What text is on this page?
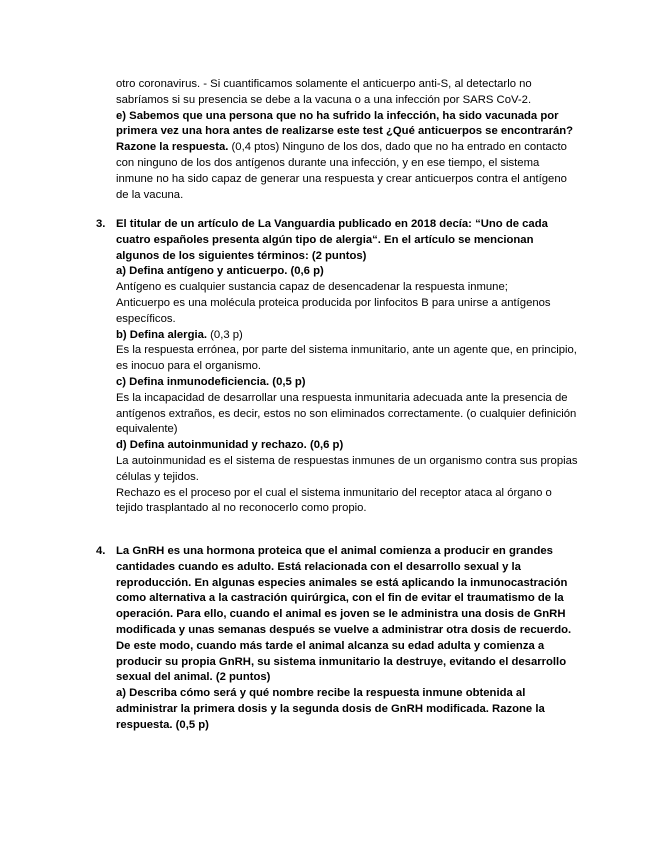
otro coronavirus. - Si cuantificamos solamente el anticuerpo anti-S, al detectarlo no sabríamos si su presencia se debe a la vacuna o a una infección por SARS CoV-2.

e) Sabemos que una persona que no ha sufrido la infección, ha sido vacunada por primera vez una hora antes de realizarse este test ¿Qué anticuerpos se encontrarán? Razone la respuesta. (0,4 ptos) Ninguno de los dos, dado que no ha entrado en contacto con ninguno de los dos antígenos durante una infección, y en ese tiempo, el sistema inmune no ha sido capaz de generar una respuesta y crear anticuerpos contra el antígeno de la vacuna.

3. El titular de un artículo de La Vanguardia publicado en 2018 decía: “Uno de cada cuatro españoles presenta algún tipo de alergia“. En el artículo se mencionan algunos de los siguientes términos: (2 puntos)

a) Defina antígeno y anticuerpo. (0,6 p)

Antígeno es cualquier sustancia capaz de desencadenar la respuesta inmune;

Anticuerpo es una molécula proteica producida por linfocitos B para unirse a antígenos específicos.

b) Defina alergia. (0,3 p)

Es la respuesta errónea, por parte del sistema inmunitario, ante un agente que, en principio, es inocuo para el organismo.

c) Defina inmunodeficiencia. (0,5 p)

Es la incapacidad de desarrollar una respuesta inmunitaria adecuada ante la presencia de antígenos extraños, es decir, estos no son eliminados correctamente. (o cualquier definición equivalente)

d) Defina autoinmunidad y rechazo. (0,6 p)

La autoinmunidad es el sistema de respuestas inmunes de un organismo contra sus propias células y tejidos.

Rechazo es el proceso por el cual el sistema inmunitario del receptor ataca al órgano o tejido trasplantado al no reconocerlo como propio.

4. La GnRH es una hormona proteica que el animal comienza a producir en grandes cantidades cuando es adulto. Está relacionada con el desarrollo sexual y la reproducción. En algunas especies animales se está aplicando la inmunocastración como alternativa a la castración quirúrgica, con el fin de evitar el traumatismo de la operación. Para ello, cuando el animal es joven se le administra una dosis de GnRH

modificada y unas semanas después se vuelve a administrar otra dosis de recuerdo. De este modo, cuando más tarde el animal alcanza su edad adulta y comienza a producir su propia GnRH, su sistema inmunitario la destruye, evitando el desarrollo sexual del animal. (2 puntos)

a) Describa cómo será y qué nombre recibe la respuesta inmune obtenida al administrar la primera dosis y la segunda dosis de GnRH modificada. Razone la respuesta. (0,5 p)
